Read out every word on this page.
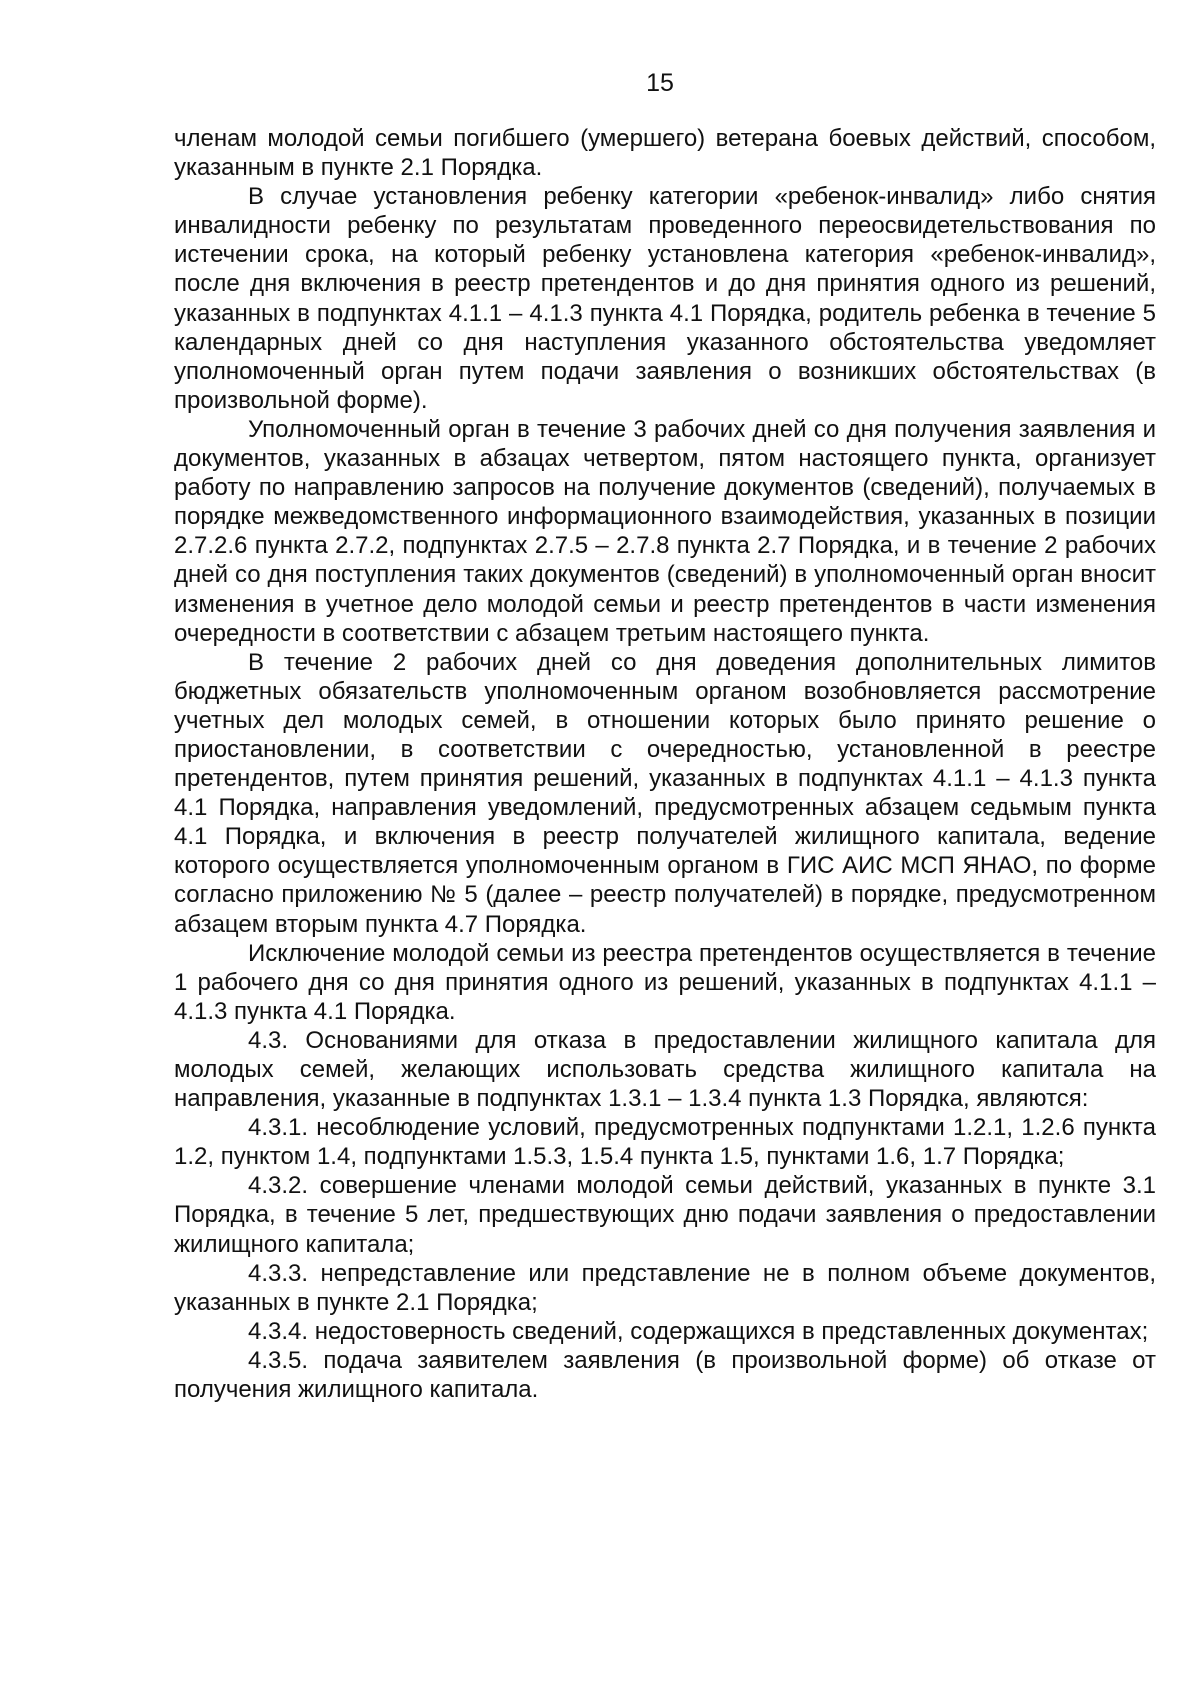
15

членам молодой семьи погибшего (умершего) ветерана боевых действий, способом, указанным в пункте 2.1 Порядка.

В случае установления ребенку категории «ребенок-инвалид» либо снятия инвалидности ребенку по результатам проведенного переосвидетельствования по истечении срока, на который ребенку установлена категория «ребенок-инвалид», после дня включения в реестр претендентов и до дня принятия одного из решений, указанных в подпунктах 4.1.1 – 4.1.3 пункта 4.1 Порядка, родитель ребенка в течение 5 календарных дней со дня наступления указанного обстоятельства уведомляет уполномоченный орган путем подачи заявления о возникших обстоятельствах (в произвольной форме).

Уполномоченный орган в течение 3 рабочих дней со дня получения заявления и документов, указанных в абзацах четвертом, пятом настоящего пункта, организует работу по направлению запросов на получение документов (сведений), получаемых в порядке межведомственного информационного взаимодействия, указанных в позиции 2.7.2.6 пункта 2.7.2, подпунктах 2.7.5 – 2.7.8 пункта 2.7 Порядка, и в течение 2 рабочих дней со дня поступления таких документов (сведений) в уполномоченный орган вносит изменения в учетное дело молодой семьи и реестр претендентов в части изменения очередности в соответствии с абзацем третьим настоящего пункта.

В течение 2 рабочих дней со дня доведения дополнительных лимитов бюджетных обязательств уполномоченным органом возобновляется рассмотрение учетных дел молодых семей, в отношении которых было принято решение о приостановлении, в соответствии с очередностью, установленной в реестре претендентов, путем принятия решений, указанных в подпунктах 4.1.1 – 4.1.3 пункта 4.1 Порядка, направления уведомлений, предусмотренных абзацем седьмым пункта 4.1 Порядка, и включения в реестр получателей жилищного капитала, ведение которого осуществляется уполномоченным органом в ГИС АИС МСП ЯНАО, по форме согласно приложению № 5 (далее – реестр получателей) в порядке, предусмотренном абзацем вторым пункта 4.7 Порядка.

Исключение молодой семьи из реестра претендентов осуществляется в течение 1 рабочего дня со дня принятия одного из решений, указанных в подпунктах 4.1.1 – 4.1.3 пункта 4.1 Порядка.

4.3. Основаниями для отказа в предоставлении жилищного капитала для молодых семей, желающих использовать средства жилищного капитала на направления, указанные в подпунктах 1.3.1 – 1.3.4 пункта 1.3 Порядка, являются:

4.3.1. несоблюдение условий, предусмотренных подпунктами 1.2.1, 1.2.6 пункта 1.2, пунктом 1.4, подпунктами 1.5.3, 1.5.4 пункта 1.5, пунктами 1.6, 1.7 Порядка;

4.3.2. совершение членами молодой семьи действий, указанных в пункте 3.1 Порядка, в течение 5 лет, предшествующих дню подачи заявления о предоставлении жилищного капитала;

4.3.3. непредставление или представление не в полном объеме документов, указанных в пункте 2.1 Порядка;

4.3.4. недостоверность сведений, содержащихся в представленных документах;

4.3.5. подача заявителем заявления (в произвольной форме) об отказе от получения жилищного капитала.
